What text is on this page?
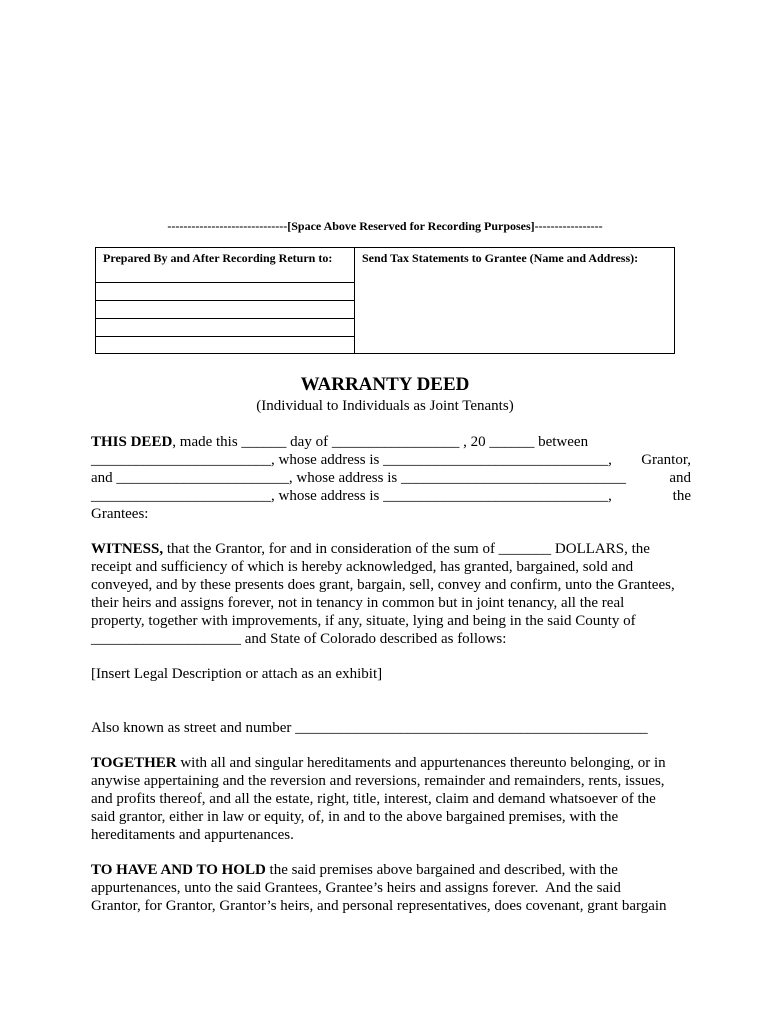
------------------------------[Space Above Reserved for Recording Purposes]-----------------
Prepared By and After Recording Return to:	Send Tax Statements to Grantee (Name and Address):
WARRANTY DEED
(Individual to Individuals as Joint Tenants)
THIS DEED, made this ______ day of _________________ , 20 ______ between
________________________, whose address is ______________________________, Grantor,
and _______________________, whose address is ______________________________	and
________________________, whose address is ______________________________,	the
Grantees:
WITNESS, that the Grantor, for and in consideration of the sum of _______ DOLLARS, the
receipt and sufficiency of which is hereby acknowledged, has granted, bargained, sold and
conveyed, and by these presents does grant, bargain, sell, convey and confirm, unto the Grantees,
their heirs and assigns forever, not in tenancy in common but in joint tenancy, all the real
property, together with improvements, if any, situate, lying and being in the said County of
____________________ and State of Colorado described as follows:
[Insert Legal Description or attach as an exhibit]
Also known as street and number _______________________________________________
TOGETHER with all and singular hereditaments and appurtenances thereunto belonging, or in
anywise appertaining and the reversion and reversions, remainder and remainders, rents, issues,
and profits thereof, and all the estate, right, title, interest, claim and demand whatsoever of the
said grantor, either in law or equity, of, in and to the above bargained premises, with the
hereditaments and appurtenances.
TO HAVE AND TO HOLD the said premises above bargained and described, with the
appurtenances, unto the said Grantees, Grantee’s heirs and assigns forever.  And the said
Grantor, for Grantor, Grantor’s heirs, and personal representatives, does covenant, grant bargain
